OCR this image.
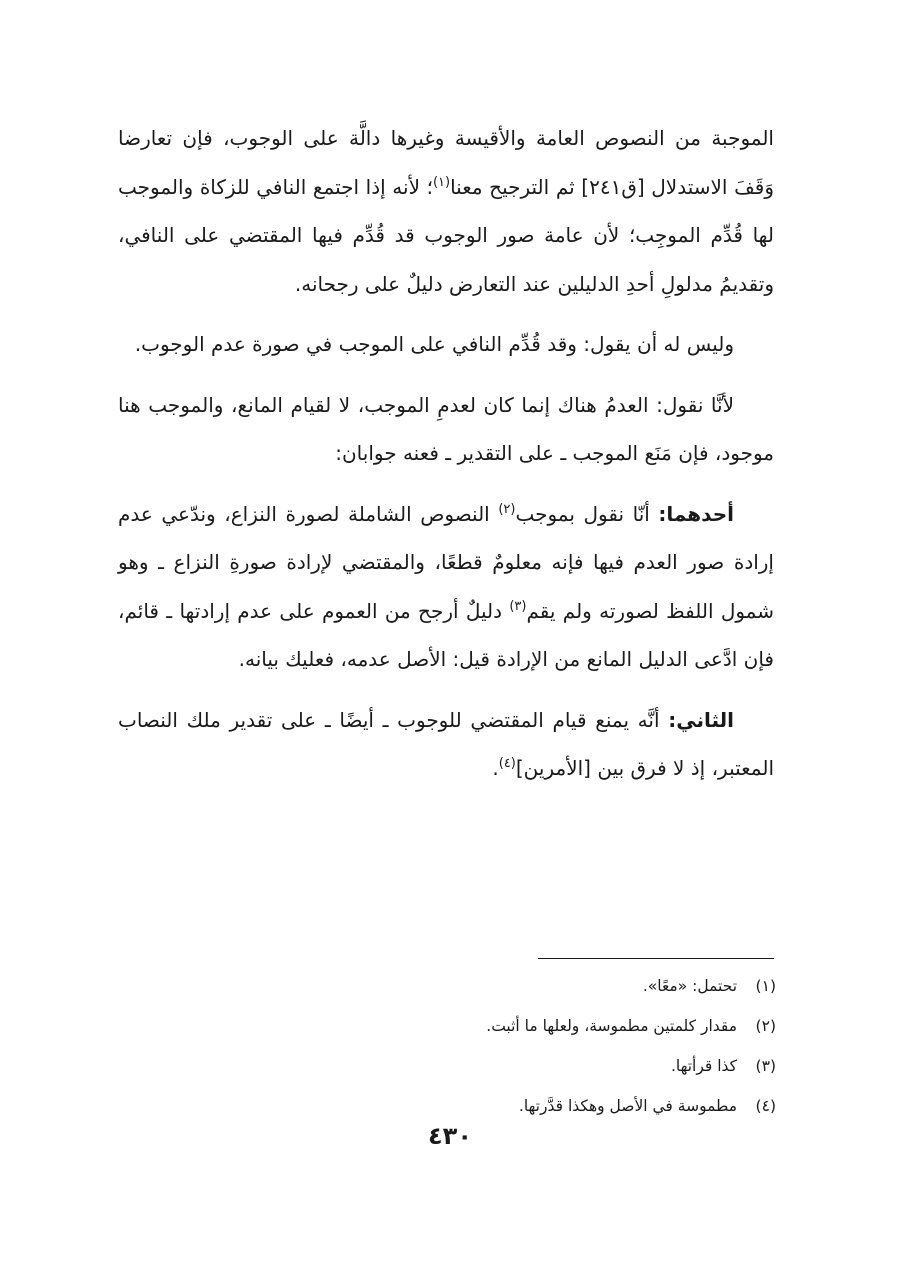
الموجبة من النصوص العامة والأقيسة وغيرها دالَّة على الوجوب، فإن تعارضا وَقَفَ الاستدلال [ق٢٤١] ثم الترجيح معنا$^{(١)}$؛ لأنه إذا اجتمع النافي للزكاة والموجب لها قُدِّم الموجِب؛ لأن عامة صور الوجوب قد قُدِّم فيها المقتضي على النافي، وتقديمُ مدلولِ أحدِ الدليلين عند التعارض دليلٌ على رجحانه.

وليس له أن يقول: وقد قُدِّم النافي على الموجب في صورة عدم الوجوب.

لأنَّا نقول: العدمُ هناك إنما كان لعدمِ الموجب، لا لقيام المانع، والموجب هنا موجود، فإن مَنَع الموجب ـ على التقدير ـ فعنه جوابان:

أحدهما: أنّا نقول بموجب$^{(٢)}$ النصوص الشاملة لصورة النزاع، وندّعي عدم إرادة صور العدم فيها فإنه معلومٌ قطعًا، والمقتضي لإرادة صورةِ النزاع ـ وهو شمول اللفظ لصورته ولم يقم$^{(٣)}$ دليلٌ أرجح من العموم على عدم إرادتها ـ قائم، فإن ادَّعى الدليل المانع من الإرادة قيل: الأصل عدمه، فعليك بيانه.

الثاني: أنَّه يمنع قيام المقتضي للوجوب ـ أيضًا ـ على تقدير ملك النصاب المعتبر، إذ لا فرق بين [الأمرين]$^{(٤)}$.

(١) تحتمل: «معًا».
(٢) مقدار كلمتين مطموسة، ولعلها ما أثبت.
(٣) كذا قرأتها.
(٤) مطموسة في الأصل وهكذا قدَّرتها.
٤٣٠
